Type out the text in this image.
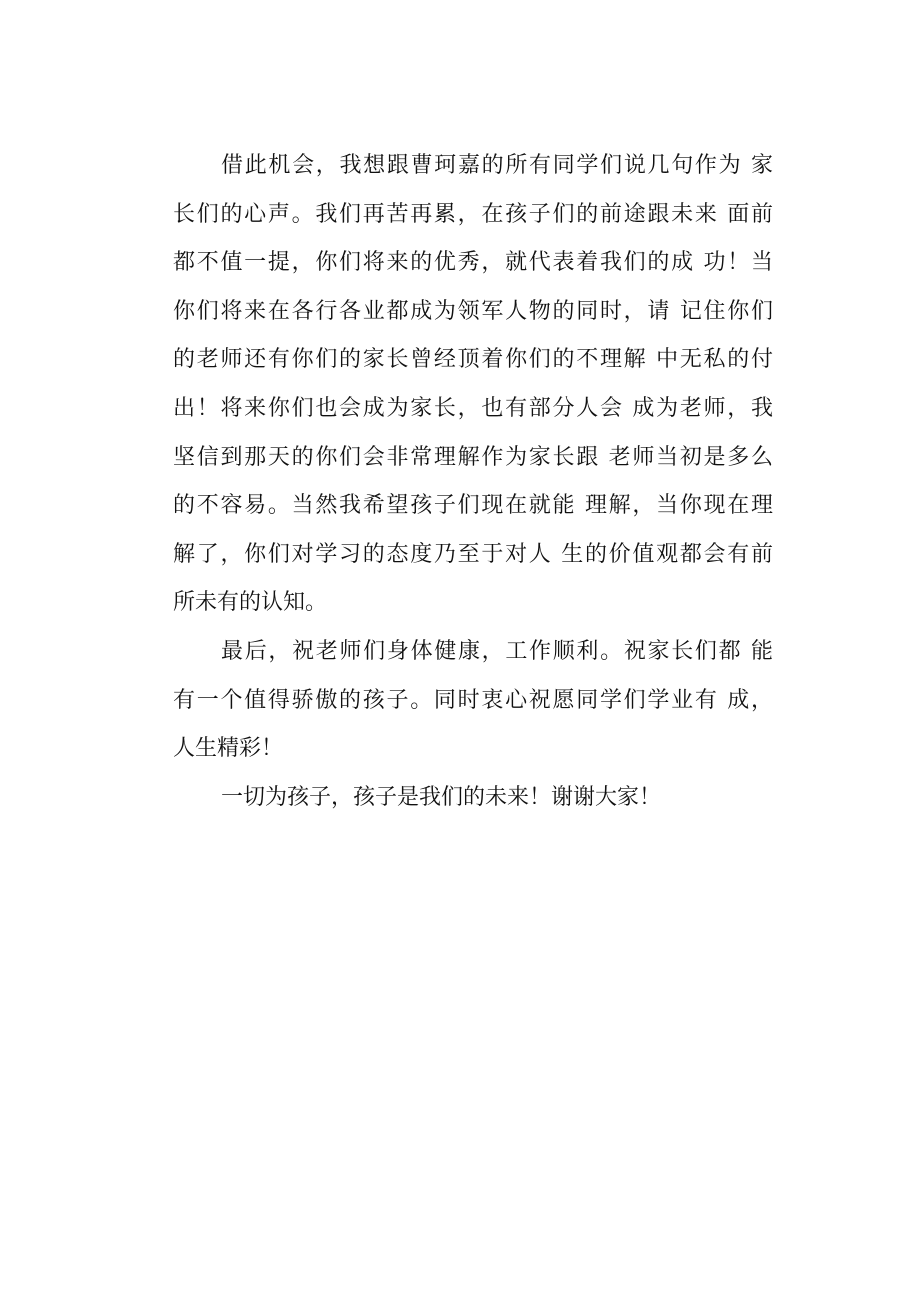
借此机会，我想跟曹珂嘉的所有同学们说几句作为 家
长们的心声。我们再苦再累，在孩子们的前途跟未来 面前
都不值一提，你们将来的优秀，就代表着我们的成 功！当
你们将来在各行各业都成为领军人物的同时，请 记住你们
的老师还有你们的家长曾经顶着你们的不理解 中无私的付
出！将来你们也会成为家长，也有部分人会 成为老师，我
坚信到那天的你们会非常理解作为家长跟 老师当初是多么
的不容易。当然我希望孩子们现在就能 理解，当你现在理
解了，你们对学习的态度乃至于对人 生的价值观都会有前
所未有的认知。
最后，祝老师们身体健康，工作顺利。祝家长们都 能
有一个值得骄傲的孩子。同时衷心祝愿同学们学业有 成，
人生精彩！
一切为孩子，孩子是我们的未来！谢谢大家！
